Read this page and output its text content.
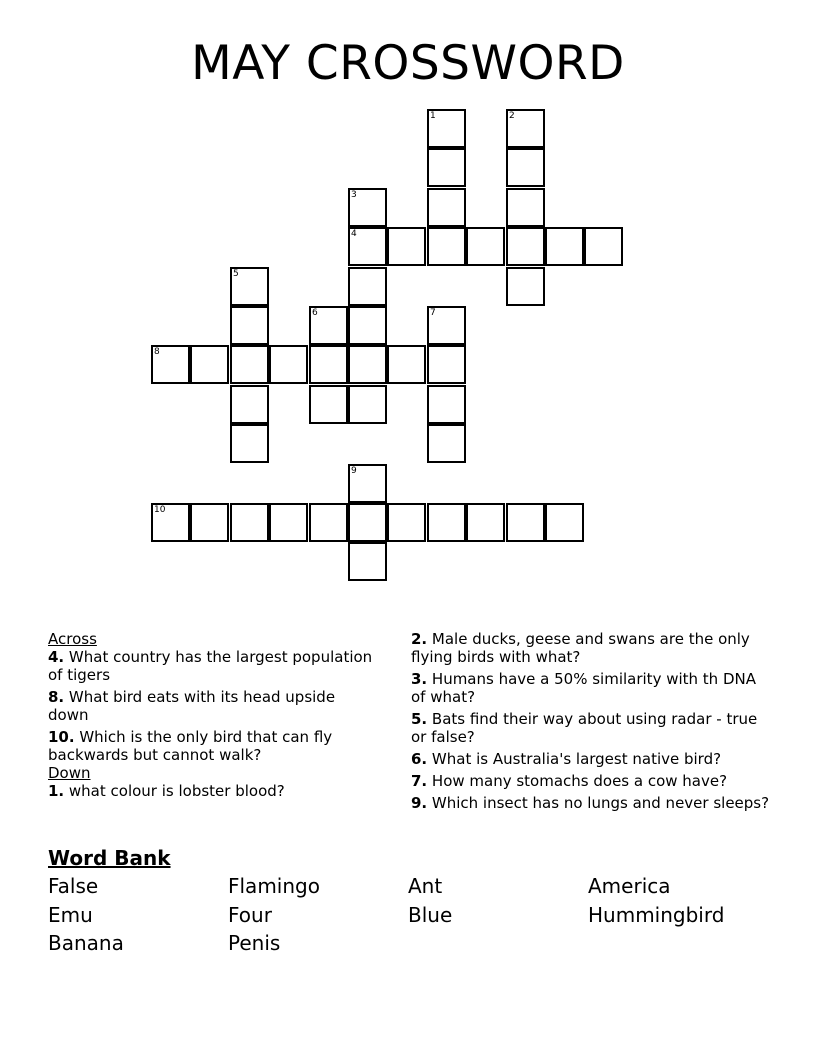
MAY CROSSWORD
1	2
3
4
5
6	7
8
9
10
Across
4. What country has the largest population of tigers
8. What bird eats with its head upside down
10. Which is the only bird that can fly backwards but cannot walk?
Down
1. what colour is lobster blood?
2. Male ducks, geese and swans are the only flying birds with what?
3. Humans have a 50% similarity with th DNA of what?
5. Bats find their way about using radar - true or false?
6. What is Australia's largest native bird?
7. How many stomachs does a cow have?
9. Which insect has no lungs and never sleeps?
Word Bank
False	Flamingo	Ant	America
Emu	Four	Blue	Hummingbird
Banana	Penis
